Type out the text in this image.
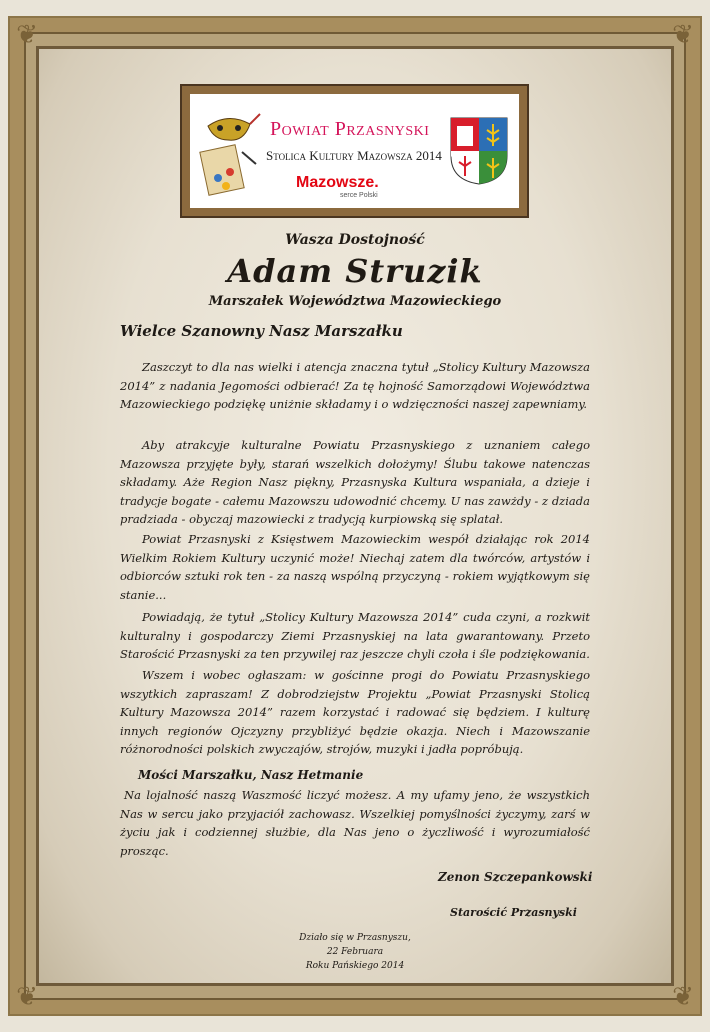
❦	❦
❦	❦
Powiat Przasnyski
Stolica Kultury Mazowsza 2014
Mazowsze.
serce Polski
Wasza Dostojność
Adam Struzik
Marszałek Województwa Mazowieckiego
Wielce Szanowny Nasz Marszałku
Zaszczyt to dla nas wielki i atencja znaczna tytuł „Stolicy Kultury Mazowsza 2014” z nadania Jegomości odbierać! Za tę hojność Samorządowi Województwa Mazowieckiego podziękę uniżnie składamy i o wdzięczności naszej zapewniamy.
Aby atrakcyje kulturalne Powiatu Przasnyskiego z uznaniem całego Mazowsza przyjęte były, starań wszelkich dołożymy! Ślubu takowe natenczas składamy. Aże Region Nasz piękny, Przasnyska Kultura wspaniała, a dzieje i tradycje bogate - całemu Mazowszu udowodnić chcemy. U nas zawżdy - z dziada pradziada - obyczaj mazowiecki z tradycją kurpiowską się splatał.
Powiat Przasnyski z Księstwem Mazowieckim wespół działając rok 2014 Wielkim Rokiem Kultury uczynić może! Niechaj zatem dla twórców, artystów i odbiorców sztuki rok ten - za naszą wspólną przyczyną - rokiem wyjątkowym się stanie...
Powiadają, że tytuł „Stolicy Kultury Mazowsza 2014” cuda czyni, a rozkwit kulturalny i gospodarczy Ziemi Przasnyskiej na lata gwarantowany. Przeto Starościć Przasnyski za ten przywilej raz jeszcze chyli czoła i śle podziękowania.
Wszem i wobec ogłaszam: w gościnne progi do Powiatu Przasnyskiego wszytkich zapraszam! Z dobrodziejstw Projektu „Powiat Przasnyski Stolicą Kultury Mazowsza 2014” razem korzystać i radować się będziem. I kulturę innych regionów Ojczyzny przybliżyć będzie okazja. Niech i Mazowszanie różnorodności polskich zwyczajów, strojów, muzyki i jadła popróbują.
Mości Marszałku, Nasz Hetmanie
Na lojalność naszą Waszmość liczyć możesz. A my ufamy jeno, że wszystkich Nas w sercu jako przyjaciół zachowasz. Wszelkiej pomyślności życzymy, zarś w życiu jak i codziennej służbie, dla Nas jeno o życzliwość i wyrozumiałość prosząc.
Zenon Szczepankowski
Starościć Przasnyski
Działo się w Przasnyszu,
22 Februara
Roku Pańskiego 2014
